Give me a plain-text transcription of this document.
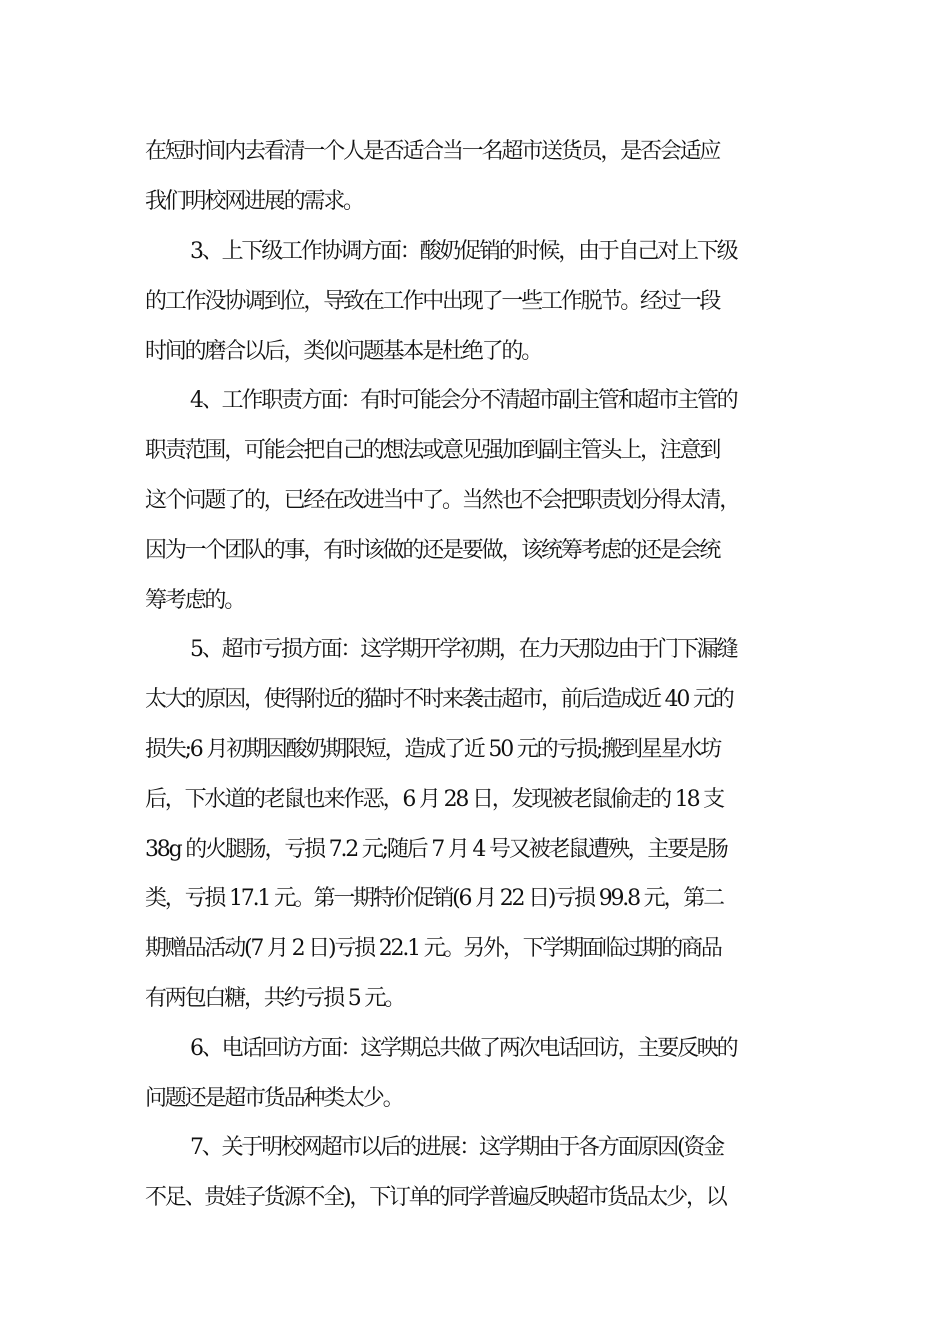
在短时间内去看清一个人是否适合当一名超市送货员，是否会适应
我们明校网进展的需求。
3、上下级工作协调方面：酸奶促销的时候，由于自己对上下级
的工作没协调到位，导致在工作中出现了一些工作脱节。经过一段
时间的磨合以后，类似问题基本是杜绝了的。
4、工作职责方面：有时可能会分不清超市副主管和超市主管的
职责范围，可能会把自己的想法或意见强加到副主管头上，注意到
这个问题了的，已经在改进当中了。当然也不会把职责划分得太清，
因为一个团队的事，有时该做的还是要做，该统筹考虑的还是会统
筹考虑的。
5、超市亏损方面：这学期开学初期，在力天那边由于门下漏缝
太大的原因，使得附近的猫时不时来袭击超市，前后造成近 40 元的
损失;6 月初期因酸奶期限短，造成了近 50 元的亏损;搬到星星水坊
后，下水道的老鼠也来作恶，6 月 28 日，发现被老鼠偷走的 18 支
38g 的火腿肠，亏损 7.2 元;随后 7 月 4 号又被老鼠遭殃，主要是肠
类，亏损 17.1 元。第一期特价促销(6 月 22 日)亏损 99.8 元，第二
期赠品活动(7 月 2 日)亏损 22.1 元。另外，下学期面临过期的商品
有两包白糖，共约亏损 5 元。
6、电话回访方面：这学期总共做了两次电话回访，主要反映的
问题还是超市货品种类太少。
7、关于明校网超市以后的进展：这学期由于各方面原因(资金
不足、贵娃子货源不全)，下订单的同学普遍反映超市货品太少，以
